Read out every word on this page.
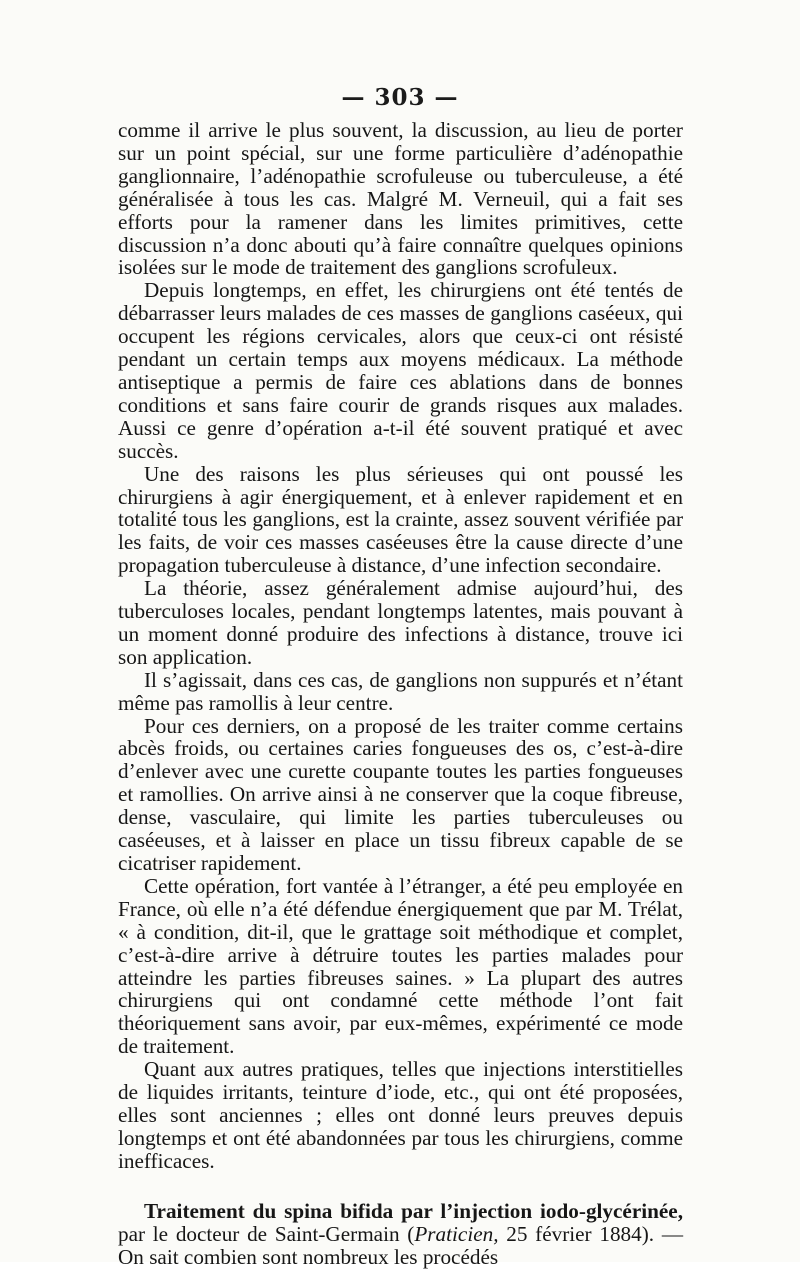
— 303 —

comme il arrive le plus souvent, la discussion, au lieu de porter sur un point spécial, sur une forme particulière d’adénopathie ganglionnaire, l’adénopathie scrofuleuse ou tuberculeuse, a été généralisée à tous les cas. Malgré M. Verneuil, qui a fait ses efforts pour la ramener dans les limites primitives, cette discussion n’a donc abouti qu’à faire connaître quelques opinions isolées sur le mode de traitement des ganglions scrofuleux.

Depuis longtemps, en effet, les chirurgiens ont été tentés de débarrasser leurs malades de ces masses de ganglions caséeux, qui occupent les régions cervicales, alors que ceux-ci ont résisté pendant un certain temps aux moyens médicaux. La méthode antiseptique a permis de faire ces ablations dans de bonnes conditions et sans faire courir de grands risques aux malades. Aussi ce genre d’opération a-t-il été souvent pratiqué et avec succès.

Une des raisons les plus sérieuses qui ont poussé les chirurgiens à agir énergiquement, et à enlever rapidement et en totalité tous les ganglions, est la crainte, assez souvent vérifiée par les faits, de voir ces masses caséeuses être la cause directe d’une propagation tuberculeuse à distance, d’une infection secondaire.

La théorie, assez généralement admise aujourd’hui, des tuberculoses locales, pendant longtemps latentes, mais pouvant à un moment donné produire des infections à distance, trouve ici son application.

Il s’agissait, dans ces cas, de ganglions non suppurés et n’étant même pas ramollis à leur centre.

Pour ces derniers, on a proposé de les traiter comme certains abcès froids, ou certaines caries fongueuses des os, c’est-à-dire d’enlever avec une curette coupante toutes les parties fongueuses et ramollies. On arrive ainsi à ne conserver que la coque fibreuse, dense, vasculaire, qui limite les parties tuberculeuses ou caséeuses, et à laisser en place un tissu fibreux capable de se cicatriser rapidement.

Cette opération, fort vantée à l’étranger, a été peu employée en France, où elle n’a été défendue énergiquement que par M. Trélat, « à condition, dit-il, que le grattage soit méthodique et complet, c’est-à-dire arrive à détruire toutes les parties malades pour atteindre les parties fibreuses saines. » La plupart des autres chirurgiens qui ont condamné cette méthode l’ont fait théoriquement sans avoir, par eux-mêmes, expérimenté ce mode de traitement.

Quant aux autres pratiques, telles que injections interstitielles de liquides irritants, teinture d’iode, etc., qui ont été proposées, elles sont anciennes ; elles ont donné leurs preuves depuis longtemps et ont été abandonnées par tous les chirurgiens, comme inefficaces.

Traitement du spina bifida par l’injection iodo-glycérinée, par le docteur de Saint-Germain (Praticien, 25 février 1884). — On sait combien sont nombreux les procédés
